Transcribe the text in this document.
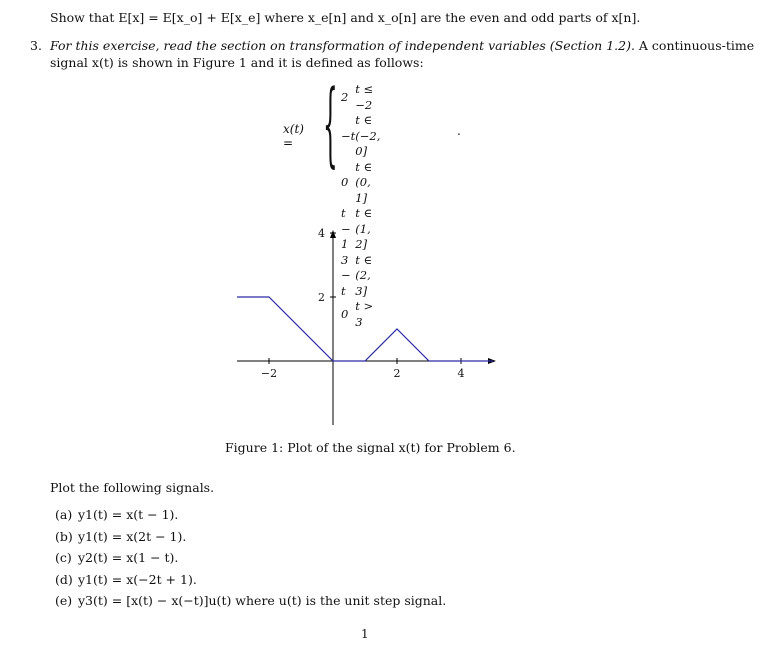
Show that E[x] = E[x_o] + E[x_e] where x_e[n] and x_o[n] are the even and odd parts of x[n].
3. For this exercise, read the section on transformation of independent variables (Section 1.2). A continuous-time
signal x(t) is shown in Figure 1 and it is defined as follows:
x(t) = { 2	t ≤ −2
−t	t ∈ (−2, 0]
0	t ∈ (0, 1]
t − 1	t ∈ (1, 2]
3 − t	t ∈ (2, 3]
0	t > 3
.
−2	2	4
2
4
Figure 1: Plot of the signal x(t) for Problem 6.
Plot the following signals.
(a) y1(t) = x(t − 1).
(b) y1(t) = x(2t − 1).
(c) y2(t) = x(1 − t).
(d) y1(t) = x(−2t + 1).
(e) y3(t) = [x(t) − x(−t)]u(t) where u(t) is the unit step signal.
1
